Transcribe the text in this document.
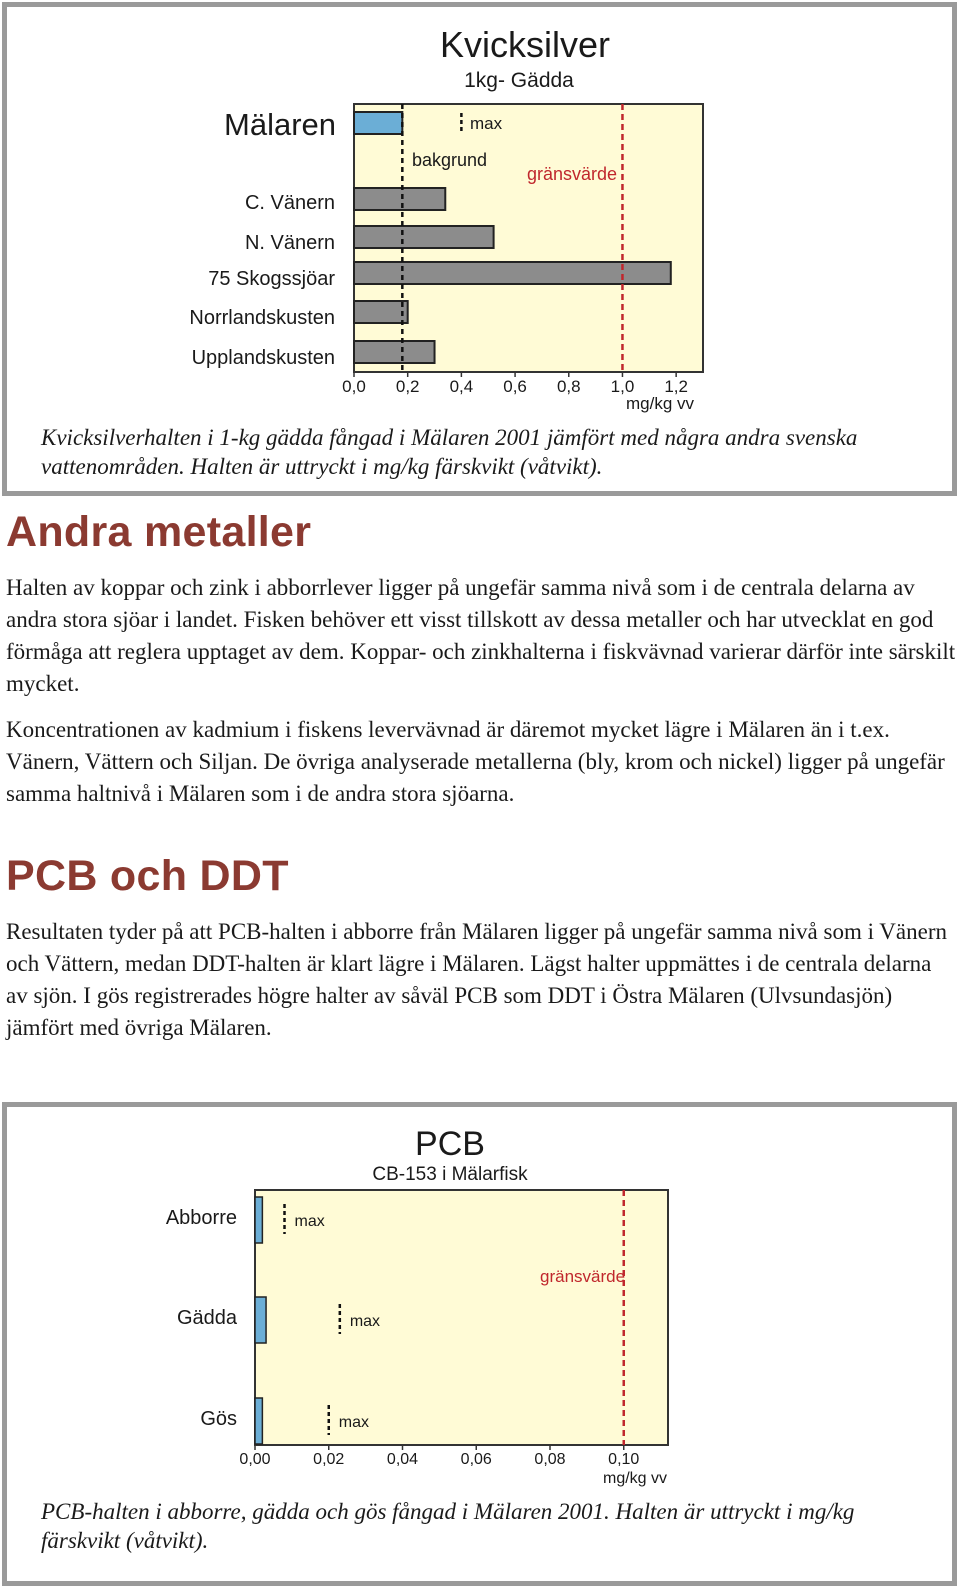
Kvicksilver
1kg- Gädda
Mälaren
C. Vänern
N. Vänern
75 Skogssjöar
Norrlandskusten
Upplandskusten
0,0 0,2 0,4 0,6 0,8 1,0 1,2
mg/kg vv
bakgrund
gränsvärde
max

Kvicksilverhalten i 1-kg gädda fångad i Mälaren 2001 jämfört med några andra svenska vattenområden. Halten är uttryckt i mg/kg färskvikt (våtvikt).

Andra metaller

Halten av koppar och zink i abborrlever ligger på ungefär samma nivå som i de centrala delarna av andra stora sjöar i landet. Fisken behöver ett visst tillskott av dessa metaller och har utvecklat en god förmåga att reglera upptaget av dem. Koppar- och zinkhalterna i fiskvävnad varierar därför inte särskilt mycket.

Koncentrationen av kadmium i fiskens levervävnad är däremot mycket lägre i Mälaren än i t.ex. Vänern, Vättern och Siljan. De övriga analyserade metallerna (bly, krom och nickel) ligger på ungefär samma haltnivå i Mälaren som i de andra stora sjöarna.

PCB och DDT

Resultaten tyder på att PCB-halten i abborre från Mälaren ligger på ungefär samma nivå som i Vänern och Vättern, medan DDT-halten är klart lägre i Mälaren. Lägst halter uppmättes i de centrala delarna av sjön. I gös registrerades högre halter av såväl PCB som DDT i Östra Mälaren (Ulvsundasjön) jämfört med övriga Mälaren.

PCB
CB-153 i Mälarfisk
max
max
max
Abborre
Gädda
Gös
0,00	0,02	0,04	0,06	0,08	0,10
mg/kg vv
gränsvärde

PCB-halten i abborre, gädda och gös fångad i Mälaren 2001. Halten är uttryckt i mg/kg färskvikt (våtvikt).
